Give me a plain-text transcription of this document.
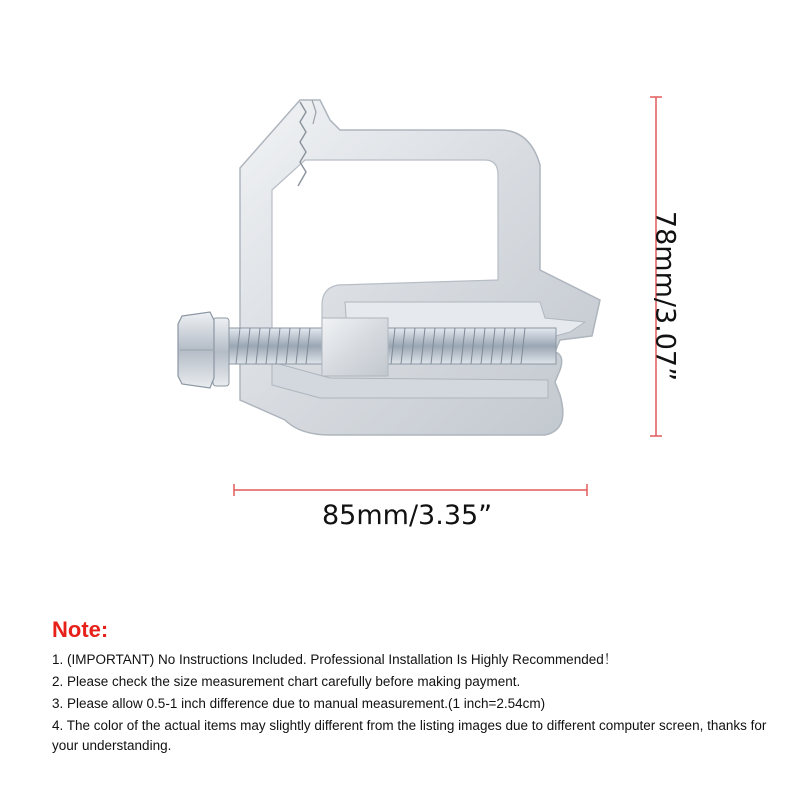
85mm/3.35”
78mm/3.07”
Note:
1. (IMPORTANT) No Instructions Included. Professional Installation Is Highly Recommended！
2. Please check the size measurement chart carefully before making payment.
3. Please allow 0.5-1 inch difference due to manual measurement.(1 inch=2.54cm)
4. The color of the actual items may slightly different from the listing images due to different computer screen, thanks for your understanding.
